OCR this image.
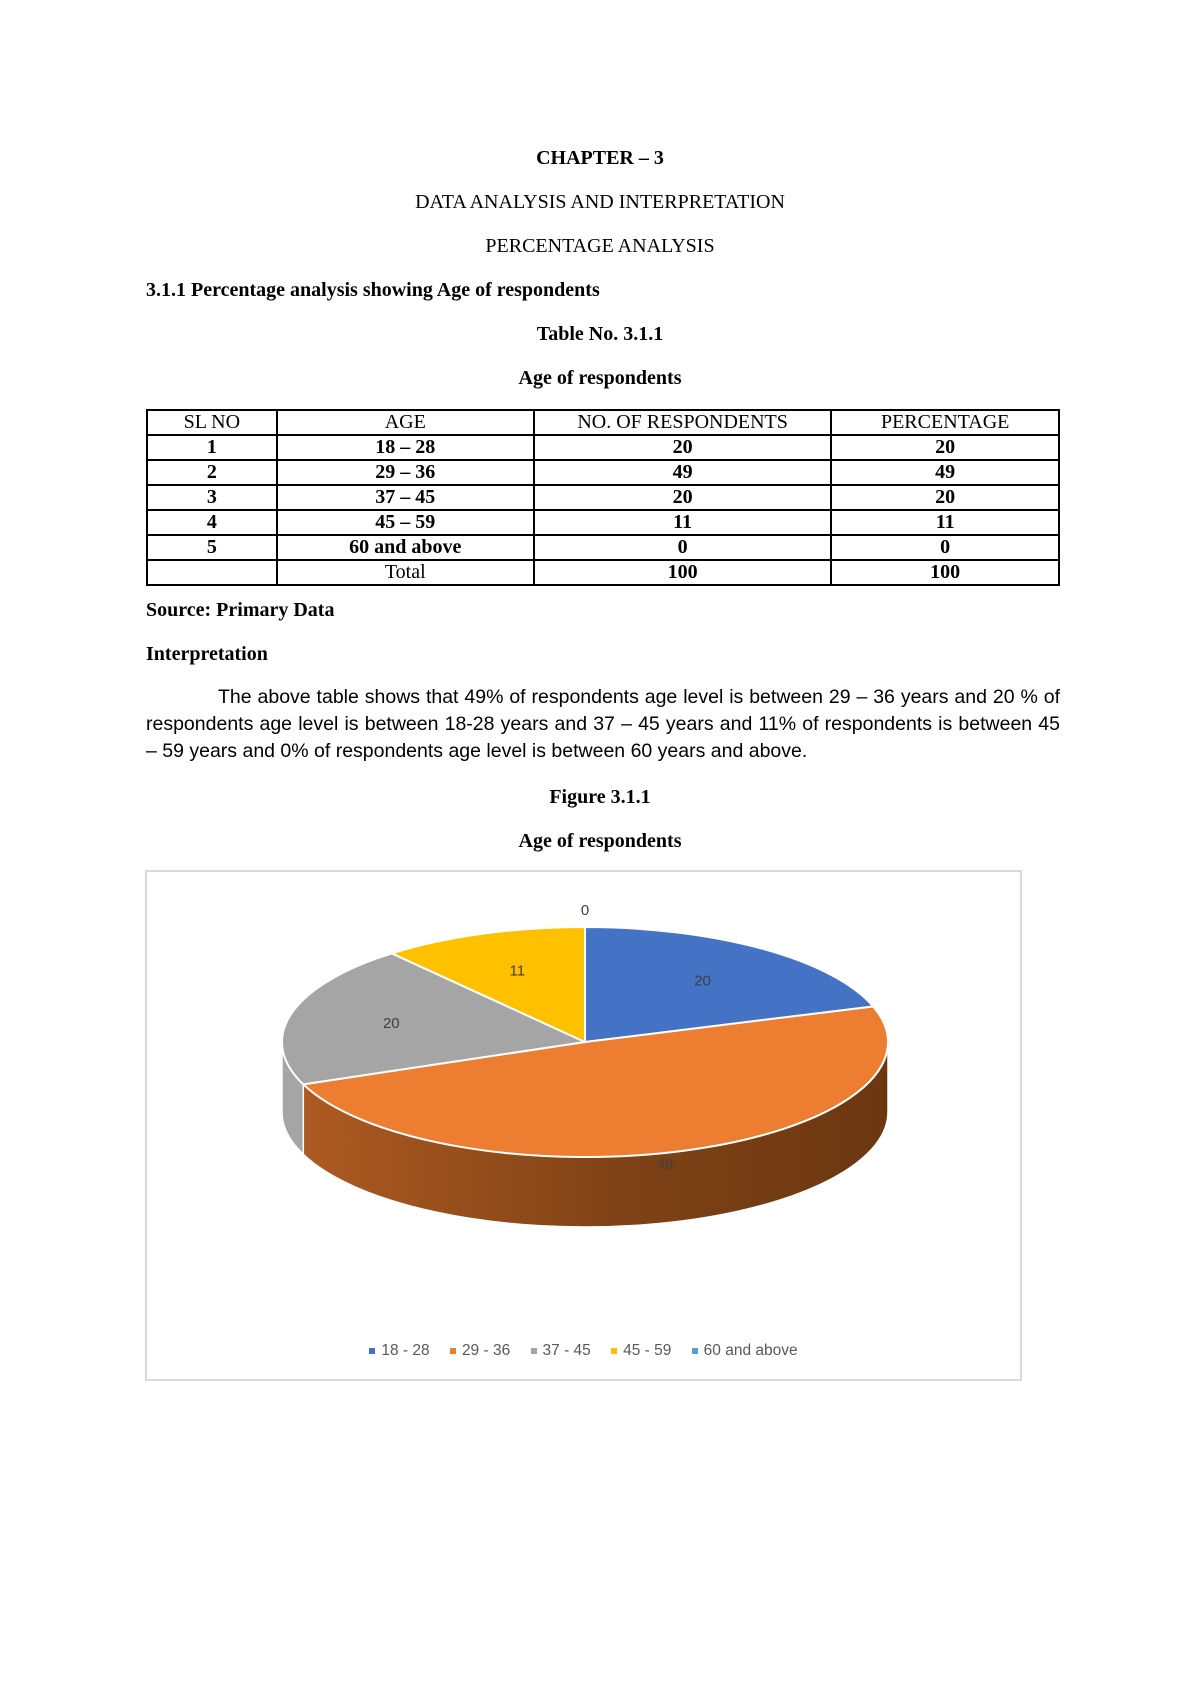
CHAPTER – 3
DATA ANALYSIS AND INTERPRETATION
PERCENTAGE ANALYSIS
3.1.1 Percentage analysis showing Age of respondents
Table No. 3.1.1
Age of respondents
SL NO	AGE	NO. OF RESPONDENTS	PERCENTAGE
1	18 – 28	20	20
2	29 – 36	49	49
3	37 – 45	20	20
4	45 – 59	11	11
5	60 and above	0	0
	Total	100	100
Source: Primary Data
Interpretation
The above table shows that 49% of respondents age level is between 29 – 36 years and 20 % of respondents age level is between 18-28 years and 37 – 45 years and 11% of respondents is between 45 – 59 years and 0% of respondents age level is between 60 years and above.
Figure 3.1.1
Age of respondents
20
49
20
11
0
18 - 28 29 - 36 37 - 45 45 - 59 60 and above
